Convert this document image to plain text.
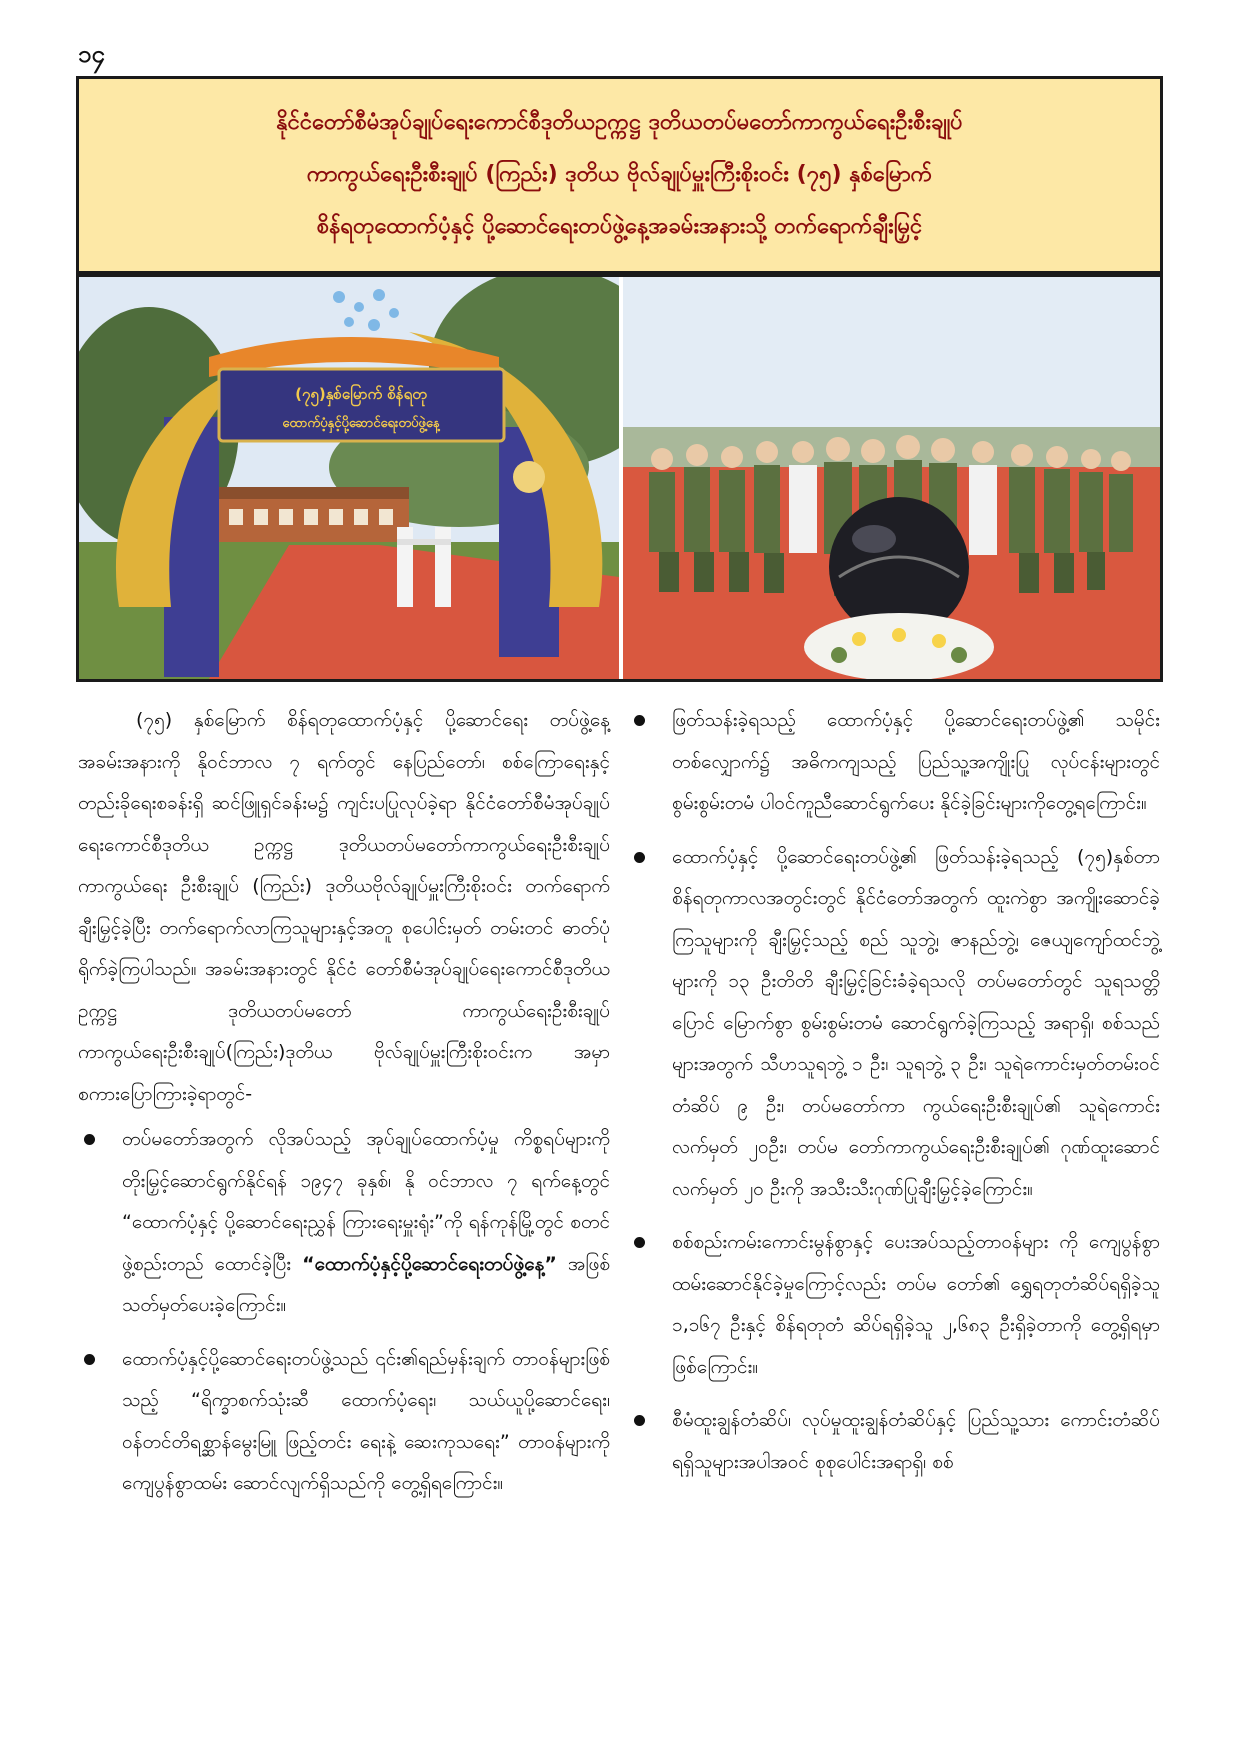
၁၄
နိုင်ငံတော်စီမံအုပ်ချုပ်ရေးကောင်စီဒုတိယဥက္ကဋ္ဌ ဒုတိယတပ်မတော်ကာကွယ်ရေးဦးစီးချုပ်
ကာကွယ်ရေးဦးစီးချုပ် (ကြည်း) ဒုတိယ ဗိုလ်ချုပ်မှူးကြီးစိုးဝင်း (၇၅) နှစ်မြောက်
စိန်ရတုထောက်ပံ့နှင့် ပို့ဆောင်ရေးတပ်ဖွဲ့နေ့အခမ်းအနားသို့ တက်ရောက်ချီးမြှင့်
(၇၅)နှစ်မြောက် စိန်ရတု
ထောက်ပံ့နှင့်ပို့ဆောင်ရေးတပ်ဖွဲ့နေ့

(၇၅) နှစ်မြောက် စိန်ရတုထောက်ပံ့နှင့် ပို့ဆောင်ရေး တပ်ဖွဲ့နေ့အခမ်းအနားကို နိုဝင်ဘာလ ၇ ရက်တွင် နေပြည်တော်၊ စစ်ကြောရေးနှင့် တည်းခိုရေးစခန်းရှိ ဆင်ဖြူရှင်ခန်းမ၌ ကျင်းပပြုလုပ်ခဲ့ရာ နိုင်ငံတော်စီမံအုပ်ချုပ်ရေးကောင်စီဒုတိယ ဥက္ကဋ္ဌ ဒုတိယတပ်မတော်ကာကွယ်ရေးဦးစီးချုပ် ကာကွယ်ရေး ဦးစီးချုပ် (ကြည်း) ဒုတိယဗိုလ်ချုပ်မှူးကြီးစိုးဝင်း တက်ရောက် ချီးမြှင့်ခဲ့ပြီး တက်ရောက်လာကြသူများနှင့်အတူ စုပေါင်းမှတ် တမ်းတင် ဓာတ်ပုံရိုက်ခဲ့ကြပါသည်။ အခမ်းအနားတွင် နိုင်ငံ တော်စီမံအုပ်ချုပ်ရေးကောင်စီဒုတိယဥက္ကဋ္ဌ ဒုတိယတပ်မတော် ကာကွယ်ရေးဦးစီးချုပ် ကာကွယ်ရေးဦးစီးချုပ်(ကြည်း)ဒုတိယ ဗိုလ်ချုပ်မှူးကြီးစိုးဝင်းက အမှာစကားပြောကြားခဲ့ရာတွင်-

တပ်မတော်အတွက် လိုအပ်သည့် အုပ်ချုပ်ထောက်ပံ့မှု ကိစ္စရပ်များကို တိုးမြှင့်ဆောင်ရွက်နိုင်ရန် ၁၉၄၇ ခုနှစ်၊ နို ဝင်ဘာလ ၇ ရက်နေ့တွင် “ထောက်ပံ့နှင့် ပို့ဆောင်ရေးညွှန် ကြားရေးမှူးရုံး”ကို ရန်ကုန်မြို့တွင် စတင်ဖွဲ့စည်းတည် ထောင်ခဲ့ပြီး “ထောက်ပံ့နှင့်ပို့ဆောင်ရေးတပ်ဖွဲ့နေ့” အဖြစ် သတ်မှတ်ပေးခဲ့ကြောင်း။
ထောက်ပံ့နှင့်ပို့ဆောင်ရေးတပ်ဖွဲ့သည် ၎င်း၏ရည်မှန်းချက် တာဝန်များဖြစ်သည့် “ရိက္ခာစက်သုံးဆီ ထောက်ပံ့ရေး၊ သယ်ယူပို့ဆောင်ရေး၊ ဝန်တင်တိရစ္ဆာန်မွေးမြူ ဖြည့်တင်း ရေးနဲ့ ဆေးကုသရေး” တာဝန်များကို ကျေပွန်စွာထမ်း ဆောင်လျက်ရှိသည်ကို တွေ့ရှိရကြောင်း။
ဖြတ်သန်းခဲ့ရသည့် ထောက်ပံ့နှင့် ပို့ဆောင်ရေးတပ်ဖွဲ့၏ သမိုင်းတစ်လျှောက်၌ အဓိကကျသည့် ပြည်သူ့အကျိုးပြု လုပ်ငန်းများတွင် စွမ်းစွမ်းတမံ ပါဝင်ကူညီဆောင်ရွက်ပေး နိုင်ခဲ့ခြင်းများကိုတွေ့ရကြောင်း။
ထောက်ပံ့နှင့် ပို့ဆောင်ရေးတပ်ဖွဲ့၏ ဖြတ်သန်းခဲ့ရသည့် (၇၅)နှစ်တာ စိန်ရတုကာလအတွင်းတွင် နိုင်ငံတော်အတွက် ထူးကဲစွာ အကျိုးဆောင်ခဲ့ကြသူများကို ချီးမြှင့်သည့် စည် သူဘွဲ့၊ ဇာနည်ဘွဲ့၊ ဇေယျကျော်ထင်ဘွဲ့များကို ၁၃ ဦးတိတိ ချီးမြှင့်ခြင်းခံခဲ့ရသလို တပ်မတော်တွင် သူရသတ္တိပြောင် မြောက်စွာ စွမ်းစွမ်းတမံ ဆောင်ရွက်ခဲ့ကြသည့် အရာရှိ၊ စစ်သည်များအတွက် သီဟသူရဘွဲ့ ၁ ဦး၊ သူရဘွဲ့ ၃ ဦး၊ သူရဲကောင်းမှတ်တမ်းဝင်တံဆိပ် ၉ ဦး၊ တပ်မတော်ကာ ကွယ်ရေးဦးစီးချုပ်၏ သူရဲကောင်းလက်မှတ် ၂၀ဦး၊ တပ်မ တော်ကာကွယ်ရေးဦးစီးချုပ်၏ ဂုဏ်ထူးဆောင်လက်မှတ် ၂၀ ဦးကို အသီးသီးဂုဏ်ပြုချီးမြှင့်ခဲ့ကြောင်း။
စစ်စည်းကမ်းကောင်းမွန်စွာနှင့် ပေးအပ်သည့်တာဝန်များ ကို ကျေပွန်စွာထမ်းဆောင်နိုင်ခဲ့မှုကြောင့်လည်း တပ်မ တော်၏ ရွှေရတုတံဆိပ်ရရှိခဲ့သူ ၁,၁၆၇ ဦးနှင့် စိန်ရတုတံ ဆိပ်ရရှိခဲ့သူ ၂,၆၈၃ ဦးရှိခဲ့တာကို တွေ့ရှိရမှာဖြစ်ကြောင်း။
စီမံထူးချွန်တံဆိပ်၊ လုပ်မှုထူးချွန်တံဆိပ်နှင့် ပြည်သူ့သား ကောင်းတံဆိပ်ရရှိသူများအပါအဝင် စုစုပေါင်းအရာရှိ၊ စစ်
